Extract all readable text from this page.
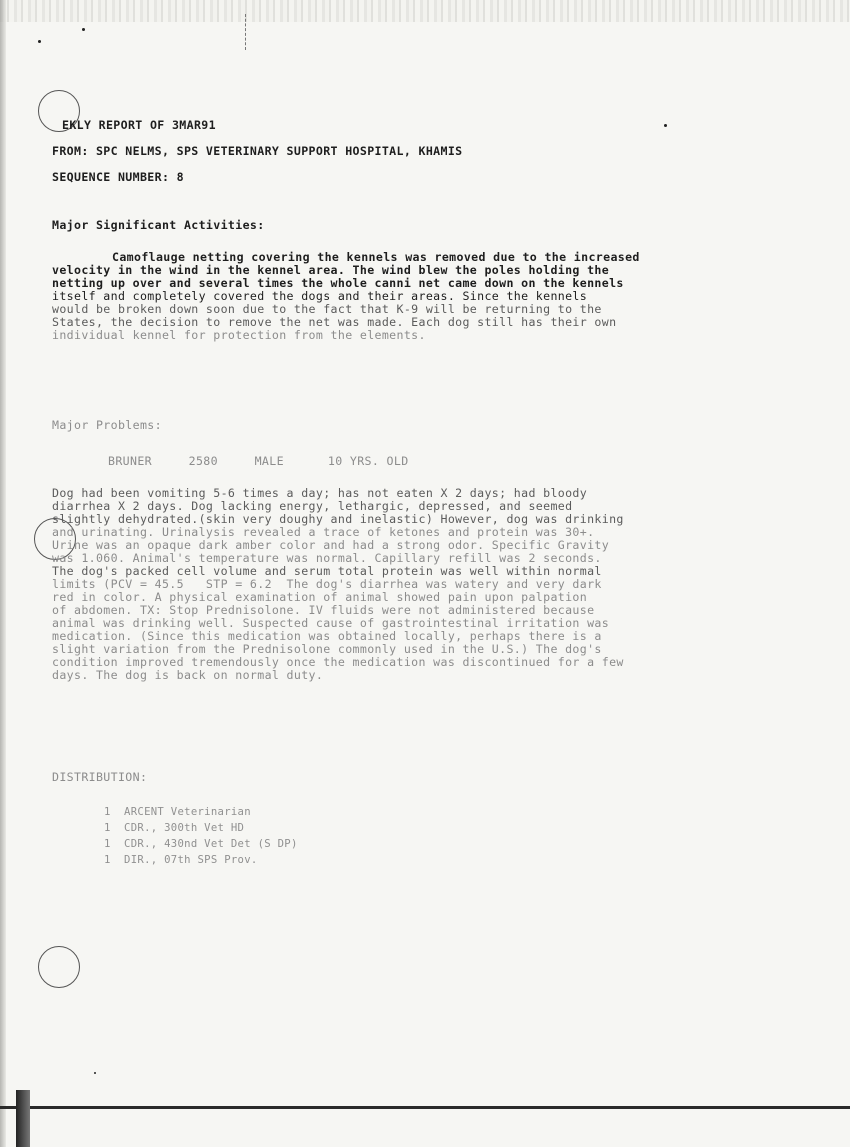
EKLY REPORT OF 3MAR91
FROM: SPC NELMS, SPS VETERINARY SUPPORT HOSPITAL, KHAMIS
SEQUENCE NUMBER: 8
Major Significant Activities:
Camoflauge netting covering the kennels was removed due to the increased
velocity in the wind in the kennel area. The wind blew the poles holding the
netting up over and several times the whole canni net came down on the kennels
itself and completely covered the dogs and their areas. Since the kennels
would be broken down soon due to the fact that K-9 will be returning to the
States, the decision to remove the net was made. Each dog still has their own
individual kennel for protection from the elements.
Major Problems:
BRUNER     2580     MALE      10 YRS. OLD
Dog had been vomiting 5-6 times a day; has not eaten X 2 days; had bloody
diarrhea X 2 days. Dog lacking energy, lethargic, depressed, and seemed
slightly dehydrated.(skin very doughy and inelastic) However, dog was drinking
and urinating. Urinalysis revealed a trace of ketones and protein was 30+.
Urine was an opaque dark amber color and had a strong odor. Specific Gravity
was 1.060. Animal's temperature was normal. Capillary refill was 2 seconds.
The dog's packed cell volume and serum total protein was well within normal
limits (PCV = 45.5   STP = 6.2  The dog's diarrhea was watery and very dark
red in color. A physical examination of animal showed pain upon palpation
of abdomen. TX: Stop Prednisolone. IV fluids were not administered because
animal was drinking well. Suspected cause of gastrointestinal irritation was
medication. (Since this medication was obtained locally, perhaps there is a
slight variation from the Prednisolone commonly used in the U.S.) The dog's
condition improved tremendously once the medication was discontinued for a few
days. The dog is back on normal duty.
DISTRIBUTION:
1  ARCENT Veterinarian
1  CDR., 300th Vet HD
1  CDR., 430nd Vet Det (S DP)
1  DIR., 07th SPS Prov.
